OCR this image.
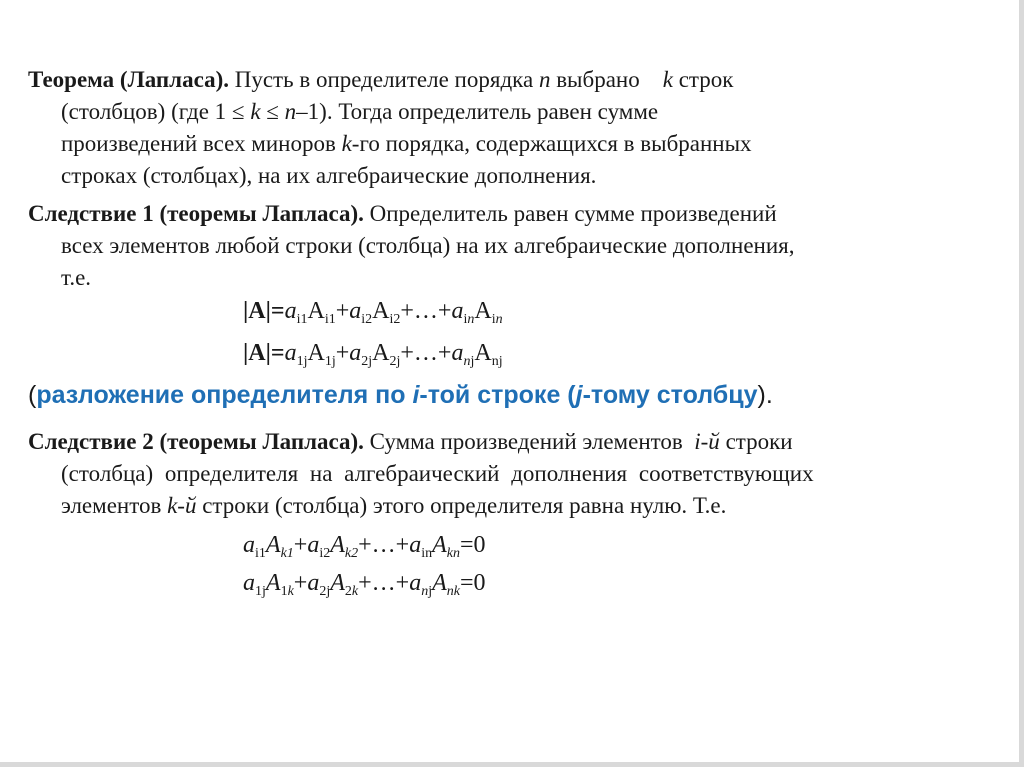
Теорема (Лапласа). Пусть в определителе порядка n выбрано    k строк

(столбцов) (где 1 ≤ k ≤ n–1). Тогда определитель равен сумме

произведений всех миноров k-го порядка, содержащихся в выбранных

строках (столбцах), на их алгебраические дополнения.

Следствие 1 (теоремы Лапласа). Определитель равен сумме произведений

всех элементов любой строки (столбца) на их алгебраические дополнения,

т.е.

$|A|=a_{i1}A_{i1}+a_{i2}A_{i2}+\dots+a_{in}A_{in}$
$|A|=a_{1j}A_{1j}+a_{2j}A_{2j}+\dots+a_{nj}A_{nj}$
(разложение определителя по i-той строке (j-тому столбцу).

Следствие 2 (теоремы Лапласа). Сумма произведений элементов  i-й строки

(столбца) определителя на алгебраический дополнения соответствующих

элементов k-й строки (столбца) этого определителя равна нулю. Т.е.

$a_{i1}A_{k1}+a_{i2}A_{k2}+\dots+a_{in}A_{kn}=0$
$a_{1j}A_{1k}+a_{2j}A_{2k}+\dots+a_{nj}A_{nk}=0$
